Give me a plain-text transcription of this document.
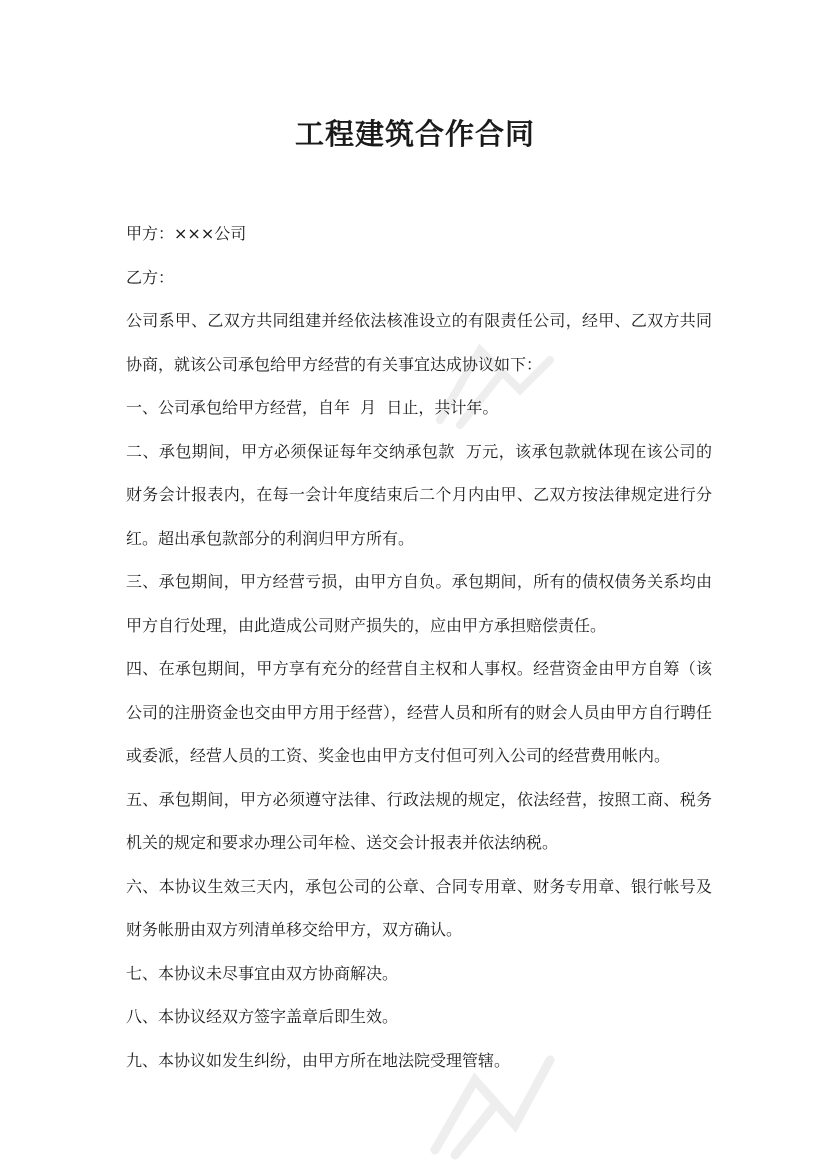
工程建筑合作合同

甲方：×××公司

乙方：

公司系甲、乙双方共同组建并经依法核准设立的有限责任公司，经甲、乙双方共同协商，就该公司承包给甲方经营的有关事宜达成协议如下：

一、公司承包给甲方经营，自年  月  日止，共计年。

二、承包期间，甲方必须保证每年交纳承包款  万元，该承包款就体现在该公司的财务会计报表内，在每一会计年度结束后二个月内由甲、乙双方按法律规定进行分红。超出承包款部分的利润归甲方所有。

三、承包期间，甲方经营亏损，由甲方自负。承包期间，所有的债权债务关系均由甲方自行处理，由此造成公司财产损失的，应由甲方承担赔偿责任。

四、在承包期间，甲方享有充分的经营自主权和人事权。经营资金由甲方自筹（该公司的注册资金也交由甲方用于经营），经营人员和所有的财会人员由甲方自行聘任或委派，经营人员的工资、奖金也由甲方支付但可列入公司的经营费用帐内。

五、承包期间，甲方必须遵守法律、行政法规的规定，依法经营，按照工商、税务机关的规定和要求办理公司年检、送交会计报表并依法纳税。

六、本协议生效三天内，承包公司的公章、合同专用章、财务专用章、银行帐号及财务帐册由双方列清单移交给甲方，双方确认。

七、本协议未尽事宜由双方协商解决。

八、本协议经双方签字盖章后即生效。

九、本协议如发生纠纷，由甲方所在地法院受理管辖。
